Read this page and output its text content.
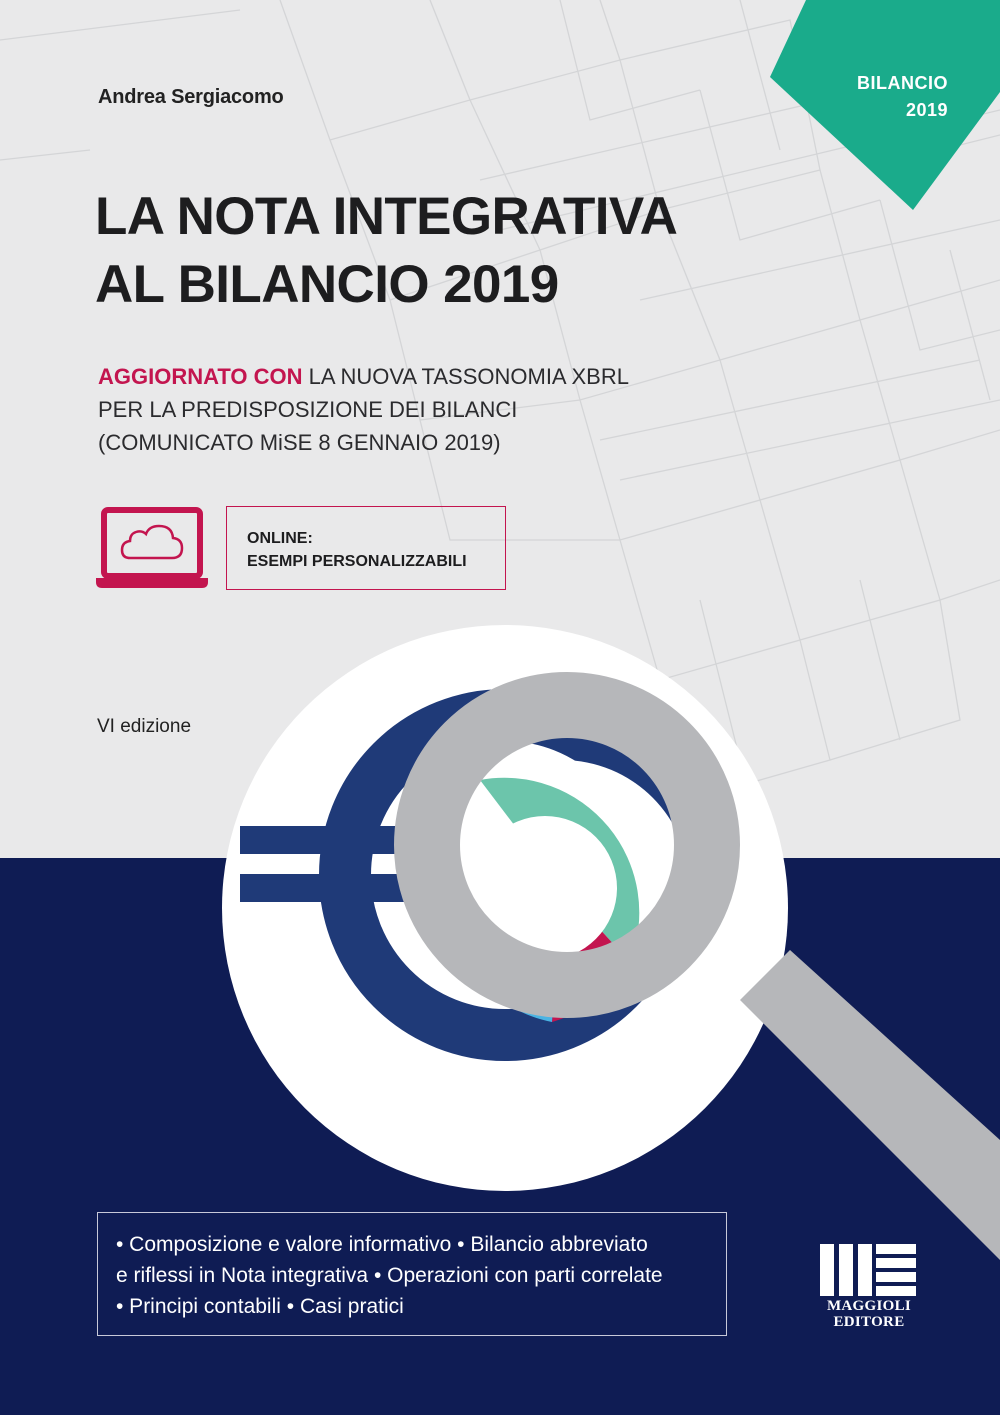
BILANCIO
2019
Andrea Sergiacomo
LA NOTA INTEGRATIVA
AL BILANCIO 2019
AGGIORNATO CON LA NUOVA TASSONOMIA XBRL
PER LA PREDISPOSIZIONE DEI BILANCI
(COMUNICATO MiSE 8 GENNAIO 2019)
ONLINE:
ESEMPI PERSONALIZZABILI
VI edizione
• Composizione e valore informativo • Bilancio abbreviato
e riflessi in Nota integrativa • Operazioni con parti correlate
• Principi contabili • Casi pratici	MAGGIOLI
EDITORE
